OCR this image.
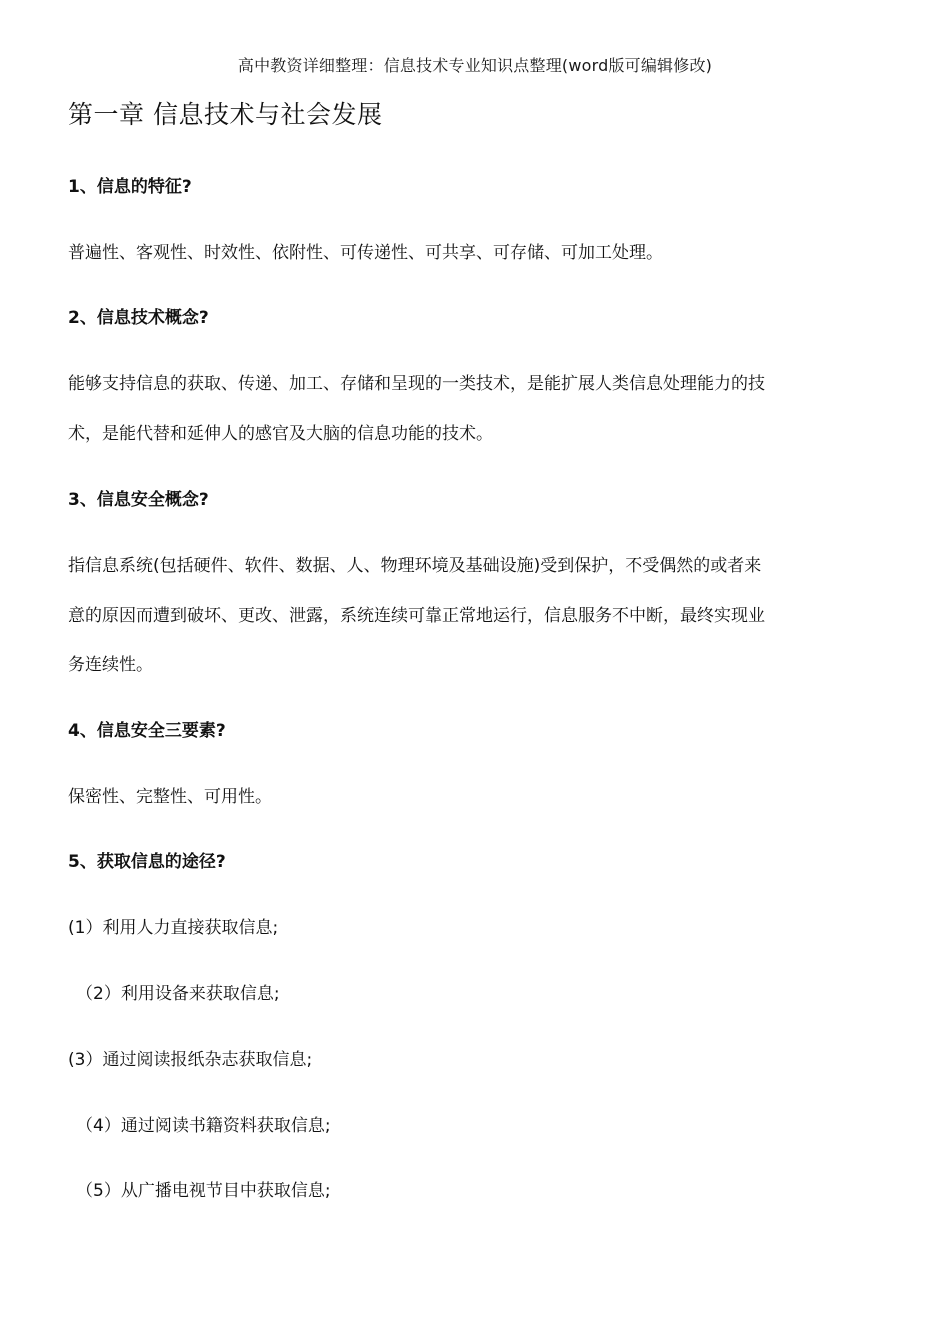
高中教资详细整理：信息技术专业知识点整理(word版可编辑修改)
第一章 信息技术与社会发展
1、信息的特征?
普遍性、客观性、时效性、依附性、可传递性、可共享、可存储、可加工处理。
2、信息技术概念?
能够支持信息的获取、传递、加工、存储和呈现的一类技术，是能扩展人类信息处理能力的技
术，是能代替和延伸人的感官及大脑的信息功能的技术。
3、信息安全概念?
指信息系统(包括硬件、软件、数据、人、物理环境及基础设施)受到保护，不受偶然的或者来
意的原因而遭到破坏、更改、泄露，系统连续可靠正常地运行，信息服务不中断，最终实现业
务连续性。
4、信息安全三要素?
保密性、完整性、可用性。
5、获取信息的途径?
(1）利用人力直接获取信息;
（2）利用设备来获取信息;
(3）通过阅读报纸杂志获取信息;
（4）通过阅读书籍资料获取信息;
（5）从广播电视节目中获取信息;
